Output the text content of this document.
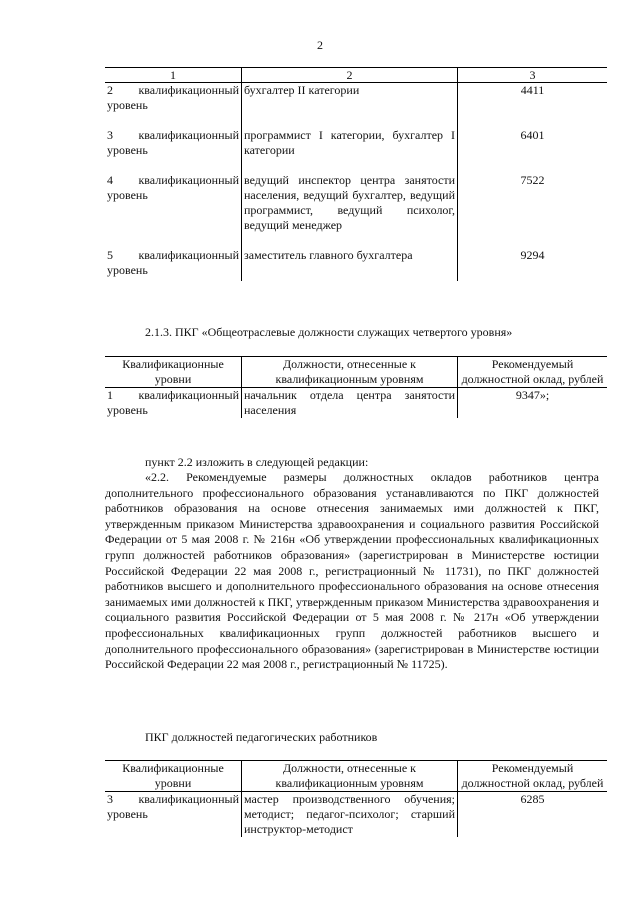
2
1	2	3
2 квалификационный уровень	бухгалтер II категории	4411
3 квалификационный уровень	программист I категории, бухгалтер I категории	6401
4 квалификационный уровень	ведущий инспектор центра занятости населения, ведущий бухгалтер, ведущий программист, ведущий психолог, ведущий менеджер	7522
5 квалификационный уровень	заместитель главного бухгалтера	9294
2.1.3. ПКГ «Общеотраслевые должности служащих четвертого уровня»
Квалификационные уровни	Должности, отнесенные к квалификационным уровням	Рекомендуемый должностной оклад, рублей
1 квалификационный уровень	начальник отдела центра занятости населения	9347»;
пункт 2.2 изложить в следующей редакции:
«2.2. Рекомендуемые размеры должностных окладов работников центра дополнительного профессионального образования устанавливаются по ПКГ должностей работников образования на основе отнесения занимаемых ими должностей к ПКГ, утвержденным приказом Министерства здравоохранения и социального развития Российской Федерации от 5 мая 2008 г. № 216н «Об утверждении профессиональных квалификационных групп должностей работников образования» (зарегистрирован в Министерстве юстиции Российской Федерации 22 мая 2008 г., регистрационный № 11731), по ПКГ должностей работников высшего и дополнительного профессионального образования на основе отнесения занимаемых ими должностей к ПКГ, утвержденным приказом Министерства здравоохранения и социального развития Российской Федерации от 5 мая 2008 г. № 217н «Об утверждении профессиональных квалификационных групп должностей работников высшего и дополнительного профессионального образования» (зарегистрирован в Министерстве юстиции Российской Федерации 22 мая 2008 г., регистрационный № 11725).
ПКГ должностей педагогических работников
Квалификационные уровни	Должности, отнесенные к квалификационным уровням	Рекомендуемый должностной оклад, рублей
3 квалификационный уровень	мастер производственного обучения; методист; педагог-психолог; старший инструктор-методист	6285
